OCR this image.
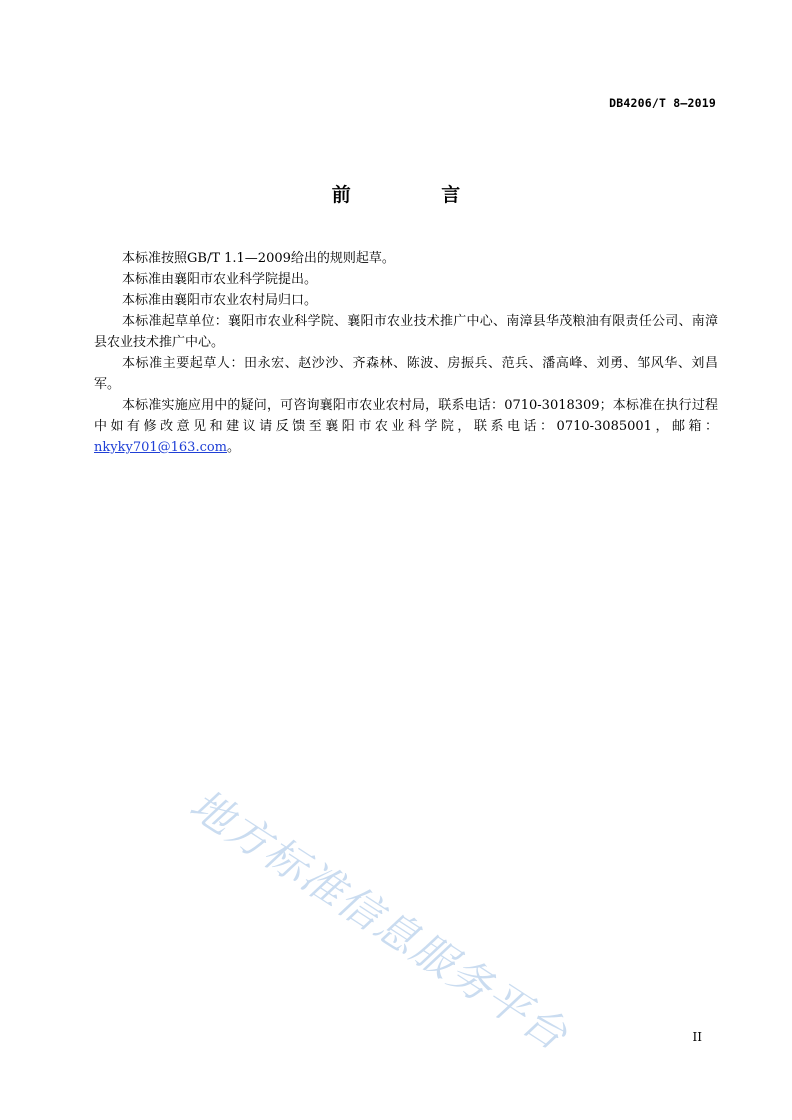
DB4206/T 8—2019
前 言

本标准按照GB/T 1.1—2009给出的规则起草。

本标准由襄阳市农业科学院提出。

本标准由襄阳市农业农村局归口。

本标准起草单位：襄阳市农业科学院、襄阳市农业技术推广中心、南漳县华茂粮油有限责任公司、南漳县农业技术推广中心。

本标准主要起草人：田永宏、赵沙沙、齐森林、陈波、房振兵、范兵、潘高峰、刘勇、邹风华、刘昌军。

本标准实施应用中的疑问，可咨询襄阳市农业农村局，联系电话：0710-3018309；本标准在执行过程中如有修改意见和建议请反馈至襄阳市农业科学院，联系电话：0710-3085001，邮箱：nkyky701@163.com。

地方标准信息服务平台	II
